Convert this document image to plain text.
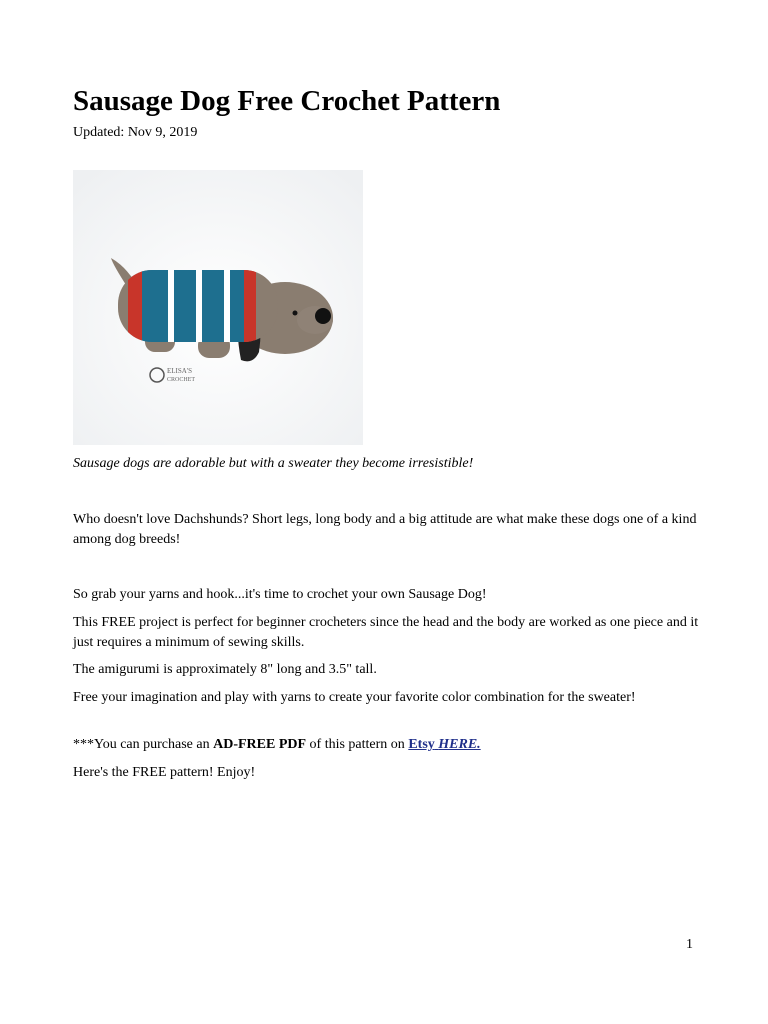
Sausage Dog Free Crochet Pattern
Updated: Nov 9, 2019
ELISA'S
CROCHET
Sausage dogs are adorable but with a sweater they become irresistible!

Who doesn't love Dachshunds? Short legs, long body and a big attitude are what make these dogs one of a kind among dog breeds!

So grab your yarns and hook...it's time to crochet your own Sausage Dog!

This FREE project is perfect for beginner crocheters since the head and the body are worked as one piece and it just requires a minimum of sewing skills.

The amigurumi is approximately 8" long and 3.5" tall.

Free your imagination and play with yarns to create your favorite color combination for the sweater!

***You can purchase an AD-FREE PDF of this pattern on Etsy HERE.

Here's the FREE pattern! Enjoy!

1
